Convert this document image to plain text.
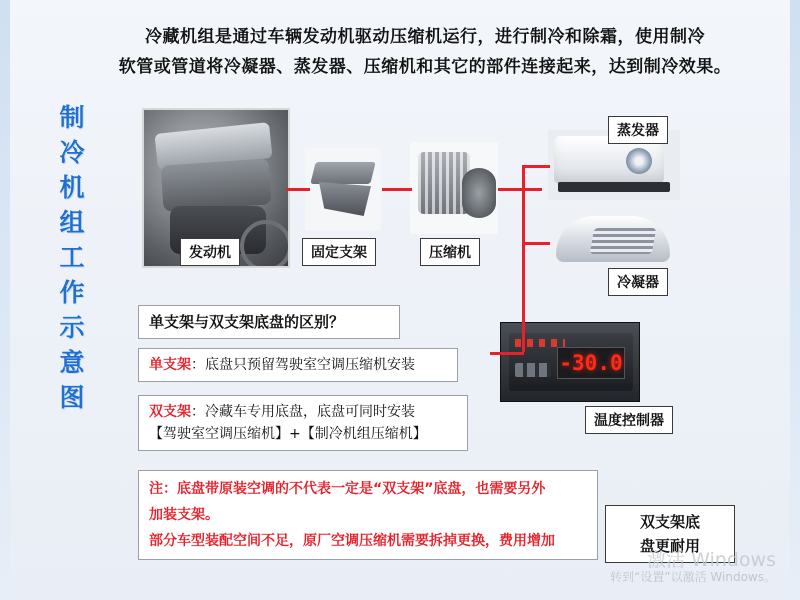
冷藏机组是通过车辆发动机驱动压缩机运行，进行制冷和除霜，使用制冷
软管或管道将冷凝器、蒸发器、压缩机和其它的部件连接起来，达到制冷效果。
制
冷
机
组
工
作
示
意
图
发动机	固定支架	压缩机
蒸发器
冷凝器
-30.0
温度控制器
单支架与双支架底盘的区别？
单支架：底盘只预留驾驶室空调压缩机安装
双支架：冷藏车专用底盘，底盘可同时安装
【驾驶室空调压缩机】+【制冷机组压缩机】
注：底盘带原装空调的不代表一定是“双支架”底盘，也需要另外
加装支架。
部分车型装配空间不足，原厂空调压缩机需要拆掉更换，费用增加
双支架底
盘更耐用
激活 Windows
转到“设置”以激活 Windows。
